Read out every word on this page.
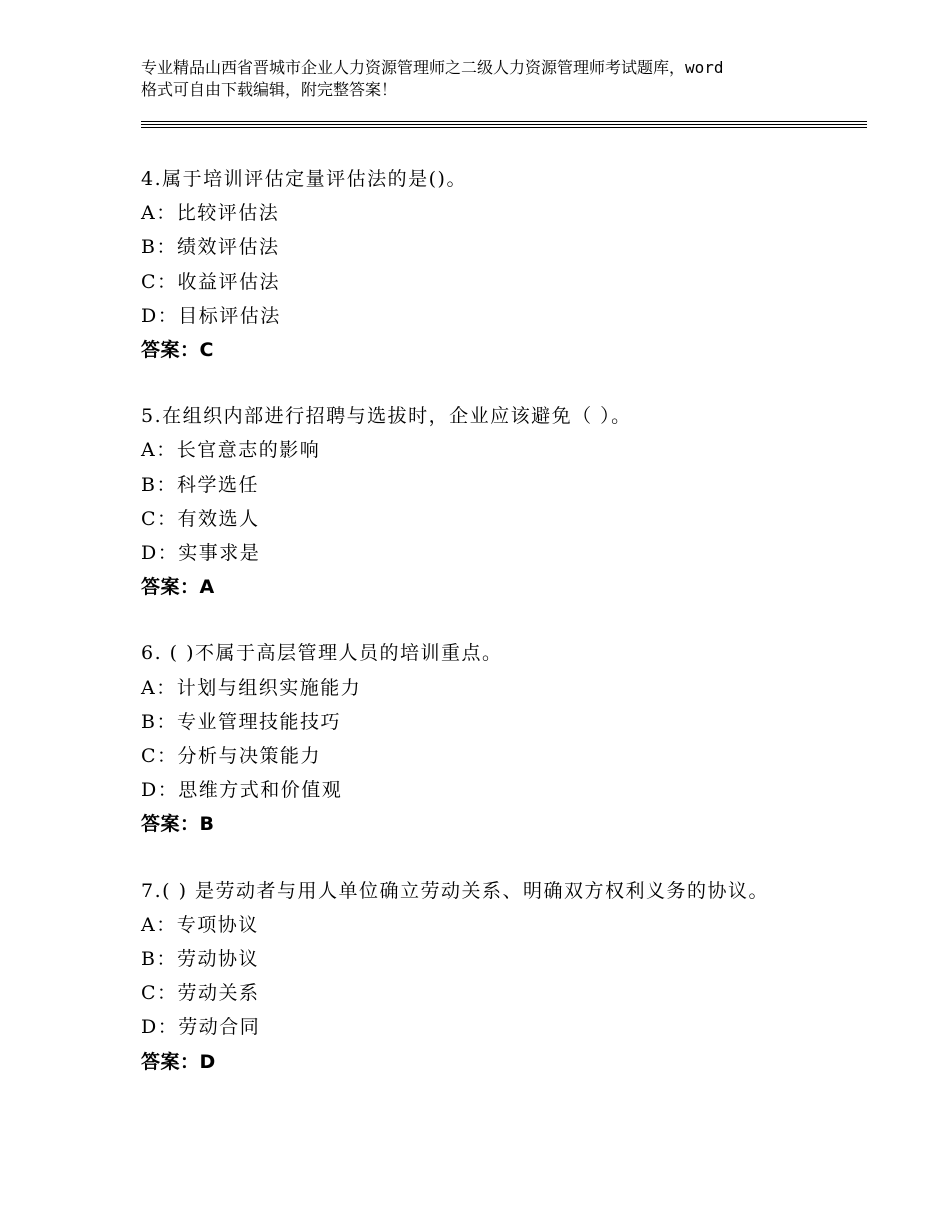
专业精品山西省晋城市企业人力资源管理师之二级人力资源管理师考试题库，word
格式可自由下载编辑，附完整答案！
4.属于培训评估定量评估法的是()。
A：比较评估法
B：绩效评估法
C：收益评估法
D：目标评估法
答案：C
5.在组织内部进行招聘与选拔时，企业应该避免（ ）。
A：长官意志的影响
B：科学选任
C：有效选人
D：实事求是
答案：A
6. ( )不属于高层管理人员的培训重点。
A：计划与组织实施能力
B：专业管理技能技巧
C：分析与决策能力
D：思维方式和价值观
答案：B
7.( ) 是劳动者与用人单位确立劳动关系、明确双方权利义务的协议。
A：专项协议
B：劳动协议
C：劳动关系
D：劳动合同
答案：D
